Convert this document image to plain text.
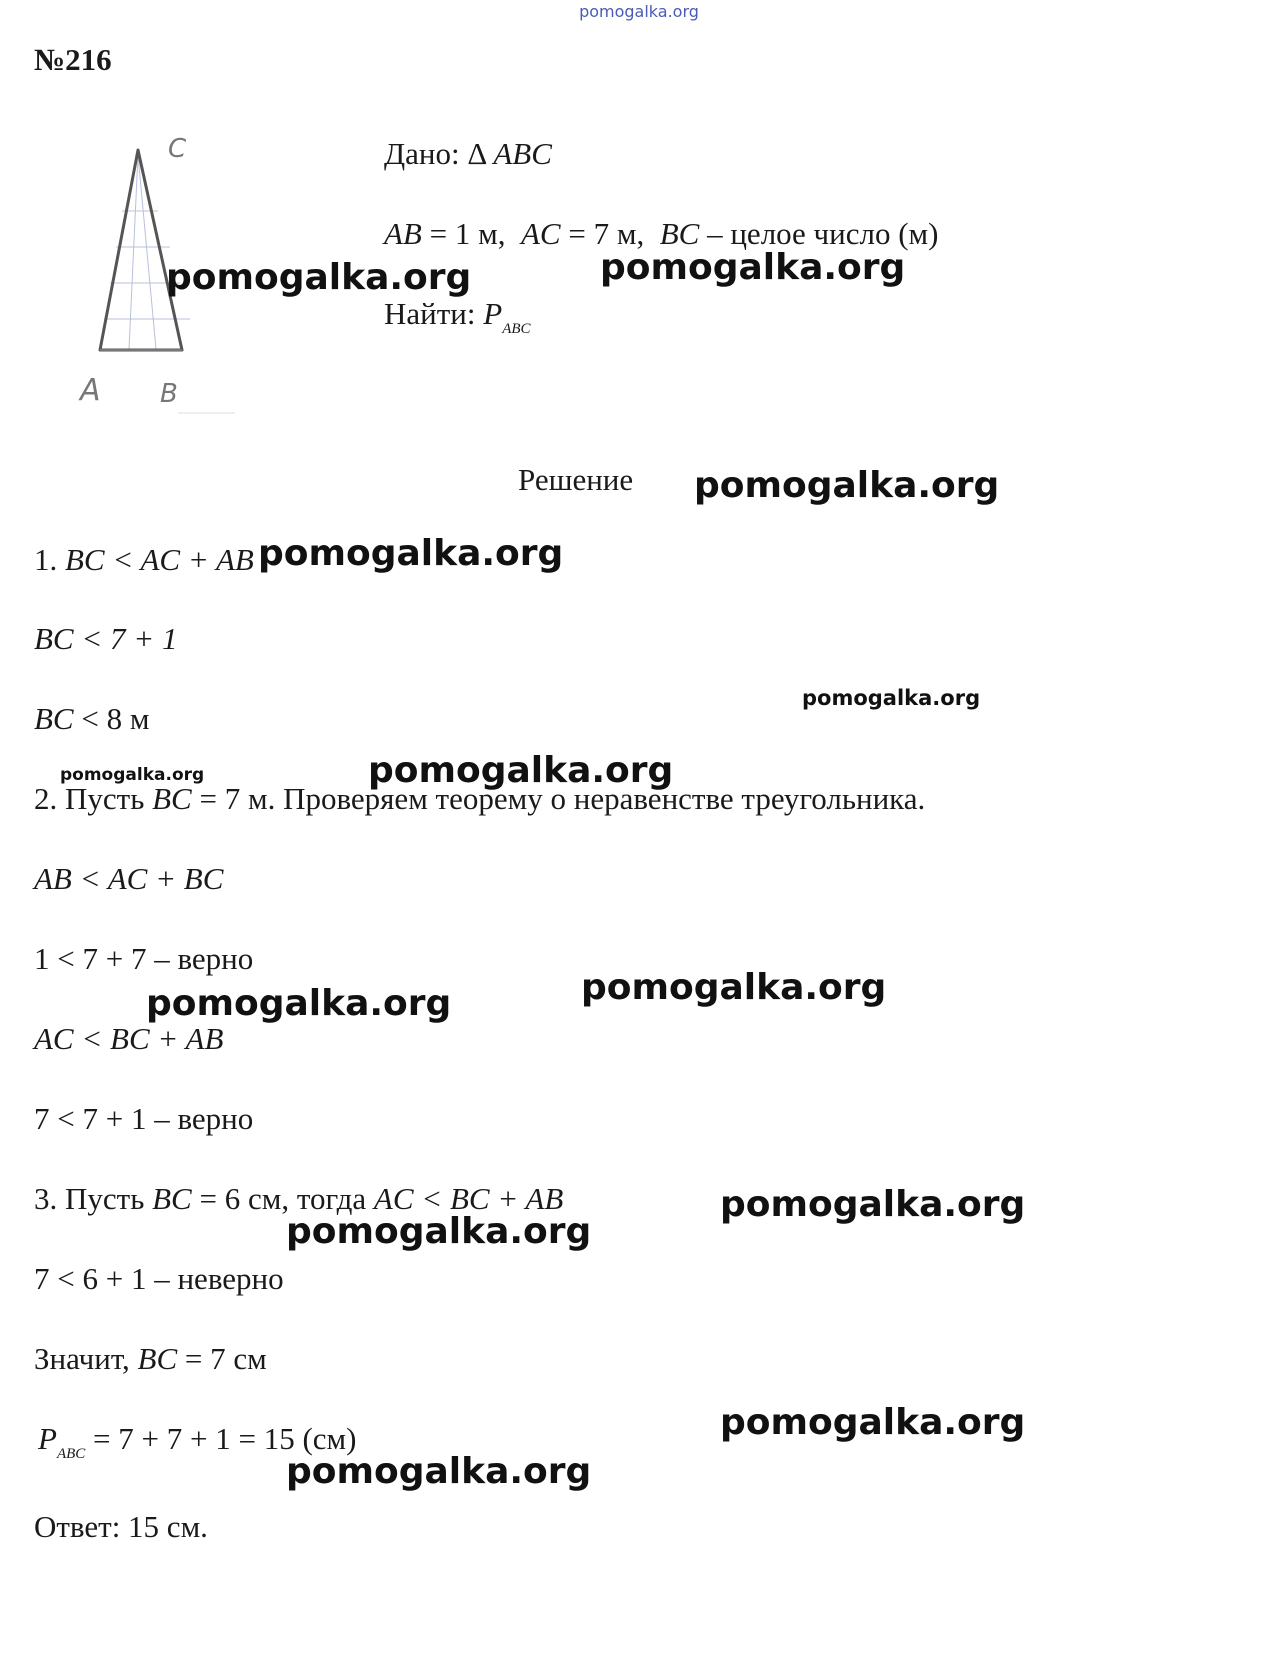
pomogalka.org
№216
C
A B
Дано: Δ ABC
AB = 1 м, AC = 7 м, BC – целое число (м)
Найти: $P_{ABC}$
Решение
1. BC < AC + AB
BC < 7 + 1
BC < 8 м
2. Пусть BC = 7 м. Проверяем теорему о неравенстве треугольника.
AB < AC + BC
1 < 7 + 7 – верно
AC < BC + AB
7 < 7 + 1 – верно
3. Пусть BC = 6 см, тогда AC < BC + AB
7 < 6 + 1 – неверно
Значит, BC = 7 см
$P_{ABC} = 7 + 7 + 1 = 15$ (см)
Ответ: 15 см.
pomogalka.org	pomogalka.org
pomogalka.org
pomogalka.org
pomogalka.org
pomogalka.org
pomogalka.org
pomogalka.org	pomogalka.org
pomogalka.org
pomogalka.org
pomogalka.org
pomogalka.org
